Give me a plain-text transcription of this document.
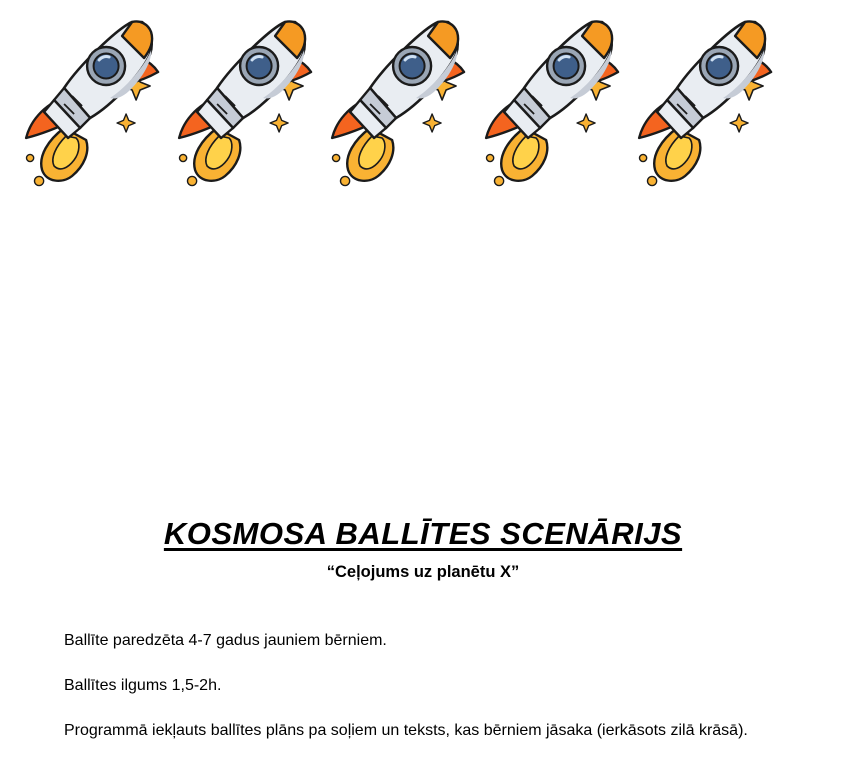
KOSMOSA BALLĪTES SCENĀRIJS
“Ceļojums uz planētu X”

Ballīte paredzēta 4-7 gadus jauniem bērniem.

Ballītes ilgums 1,5-2h.

Programmā iekļauts ballītes plāns pa soļiem un teksts, kas bērniem jāsaka (ierkāsots zilā krāsā).
